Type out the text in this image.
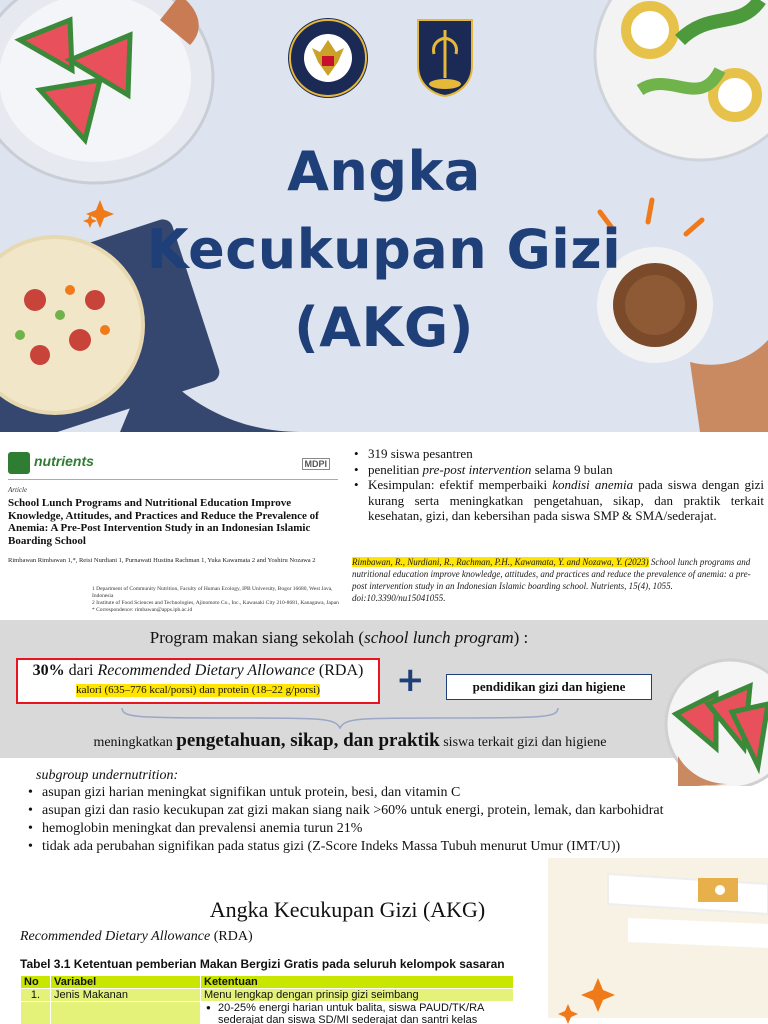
Angka
Kecukupan Gizi
(AKG)
nutrients	MDPI
Article
School Lunch Programs and Nutritional Education Improve Knowledge, Attitudes, and Practices and Reduce the Prevalence of Anemia: A Pre-Post Intervention Study in an Indonesian Islamic Boarding School
Rimbawan Rimbawan 1,*, Reisi Nurdiani 1, Purnawati Hustina Rachman 1, Yuka Kawamata 2 and Yoshiru Nozawa 2
1 Department of Community Nutrition, Faculty of Human Ecology, IPB University, Bogor 16680, West Java, Indonesia
2 Institute of Food Sciences and Technologies, Ajinomoto Co., Inc., Kawasaki City 210-8681, Kanagawa, Japan
* Correspondence: rimbawan@apps.ipb.ac.id
• 319 siswa pesantren
• penelitian pre-post intervention selama 9 bulan
• Kesimpulan: efektif memperbaiki kondisi anemia pada siswa dengan gizi kurang serta meningkatkan pengetahuan, sikap, dan praktik terkait kesehatan, gizi, dan kebersihan pada siswa SMP & SMA/sederajat.
Rimbawan, R., Nurdiani, R., Rachman, P.H., Kawamata, Y. and Nozawa, Y. (2023) School lunch programs and nutritional education improve knowledge, attitudes, and practices and reduce the prevalence of anemia: a pre-post intervention study in an Indonesian Islamic boarding school. Nutrients, 15(4), 1055. doi:10.3390/nu15041055.
Program makan siang sekolah (school lunch program) :
30% dari Recommended Dietary Allowance (RDA)
kalori (635–776 kcal/porsi) dan protein (18–22 g/porsi)	+	pendidikan gizi dan higiene
meningkatkan pengetahuan, sikap, dan praktik siswa terkait gizi dan higiene
subgroup undernutrition:
• asupan gizi harian meningkat signifikan untuk protein, besi, dan vitamin C
• asupan gizi dan rasio kecukupan zat gizi makan siang naik >60% untuk energi, protein, lemak, dan karbohidrat
• hemoglobin meningkat dan prevalensi anemia turun 21%
• tidak ada perubahan signifikan pada status gizi (Z-Score Indeks Massa Tubuh menurut Umur (IMT/U))
Angka Kecukupan Gizi (AKG)
Recommended Dietary Allowance (RDA)
Tabel 3.1 Ketentuan pemberian Makan Bergizi Gratis pada seluruh kelompok sasaran
No	Variabel	Ketentuan
1.	Jenis Makanan	Menu lengkap dengan prinsip gizi seimbang

		● 20-25% energi harian untuk balita, siswa PAUD/TK/RA sederajat dan siswa SD/MI sederajat dan santri kelas
